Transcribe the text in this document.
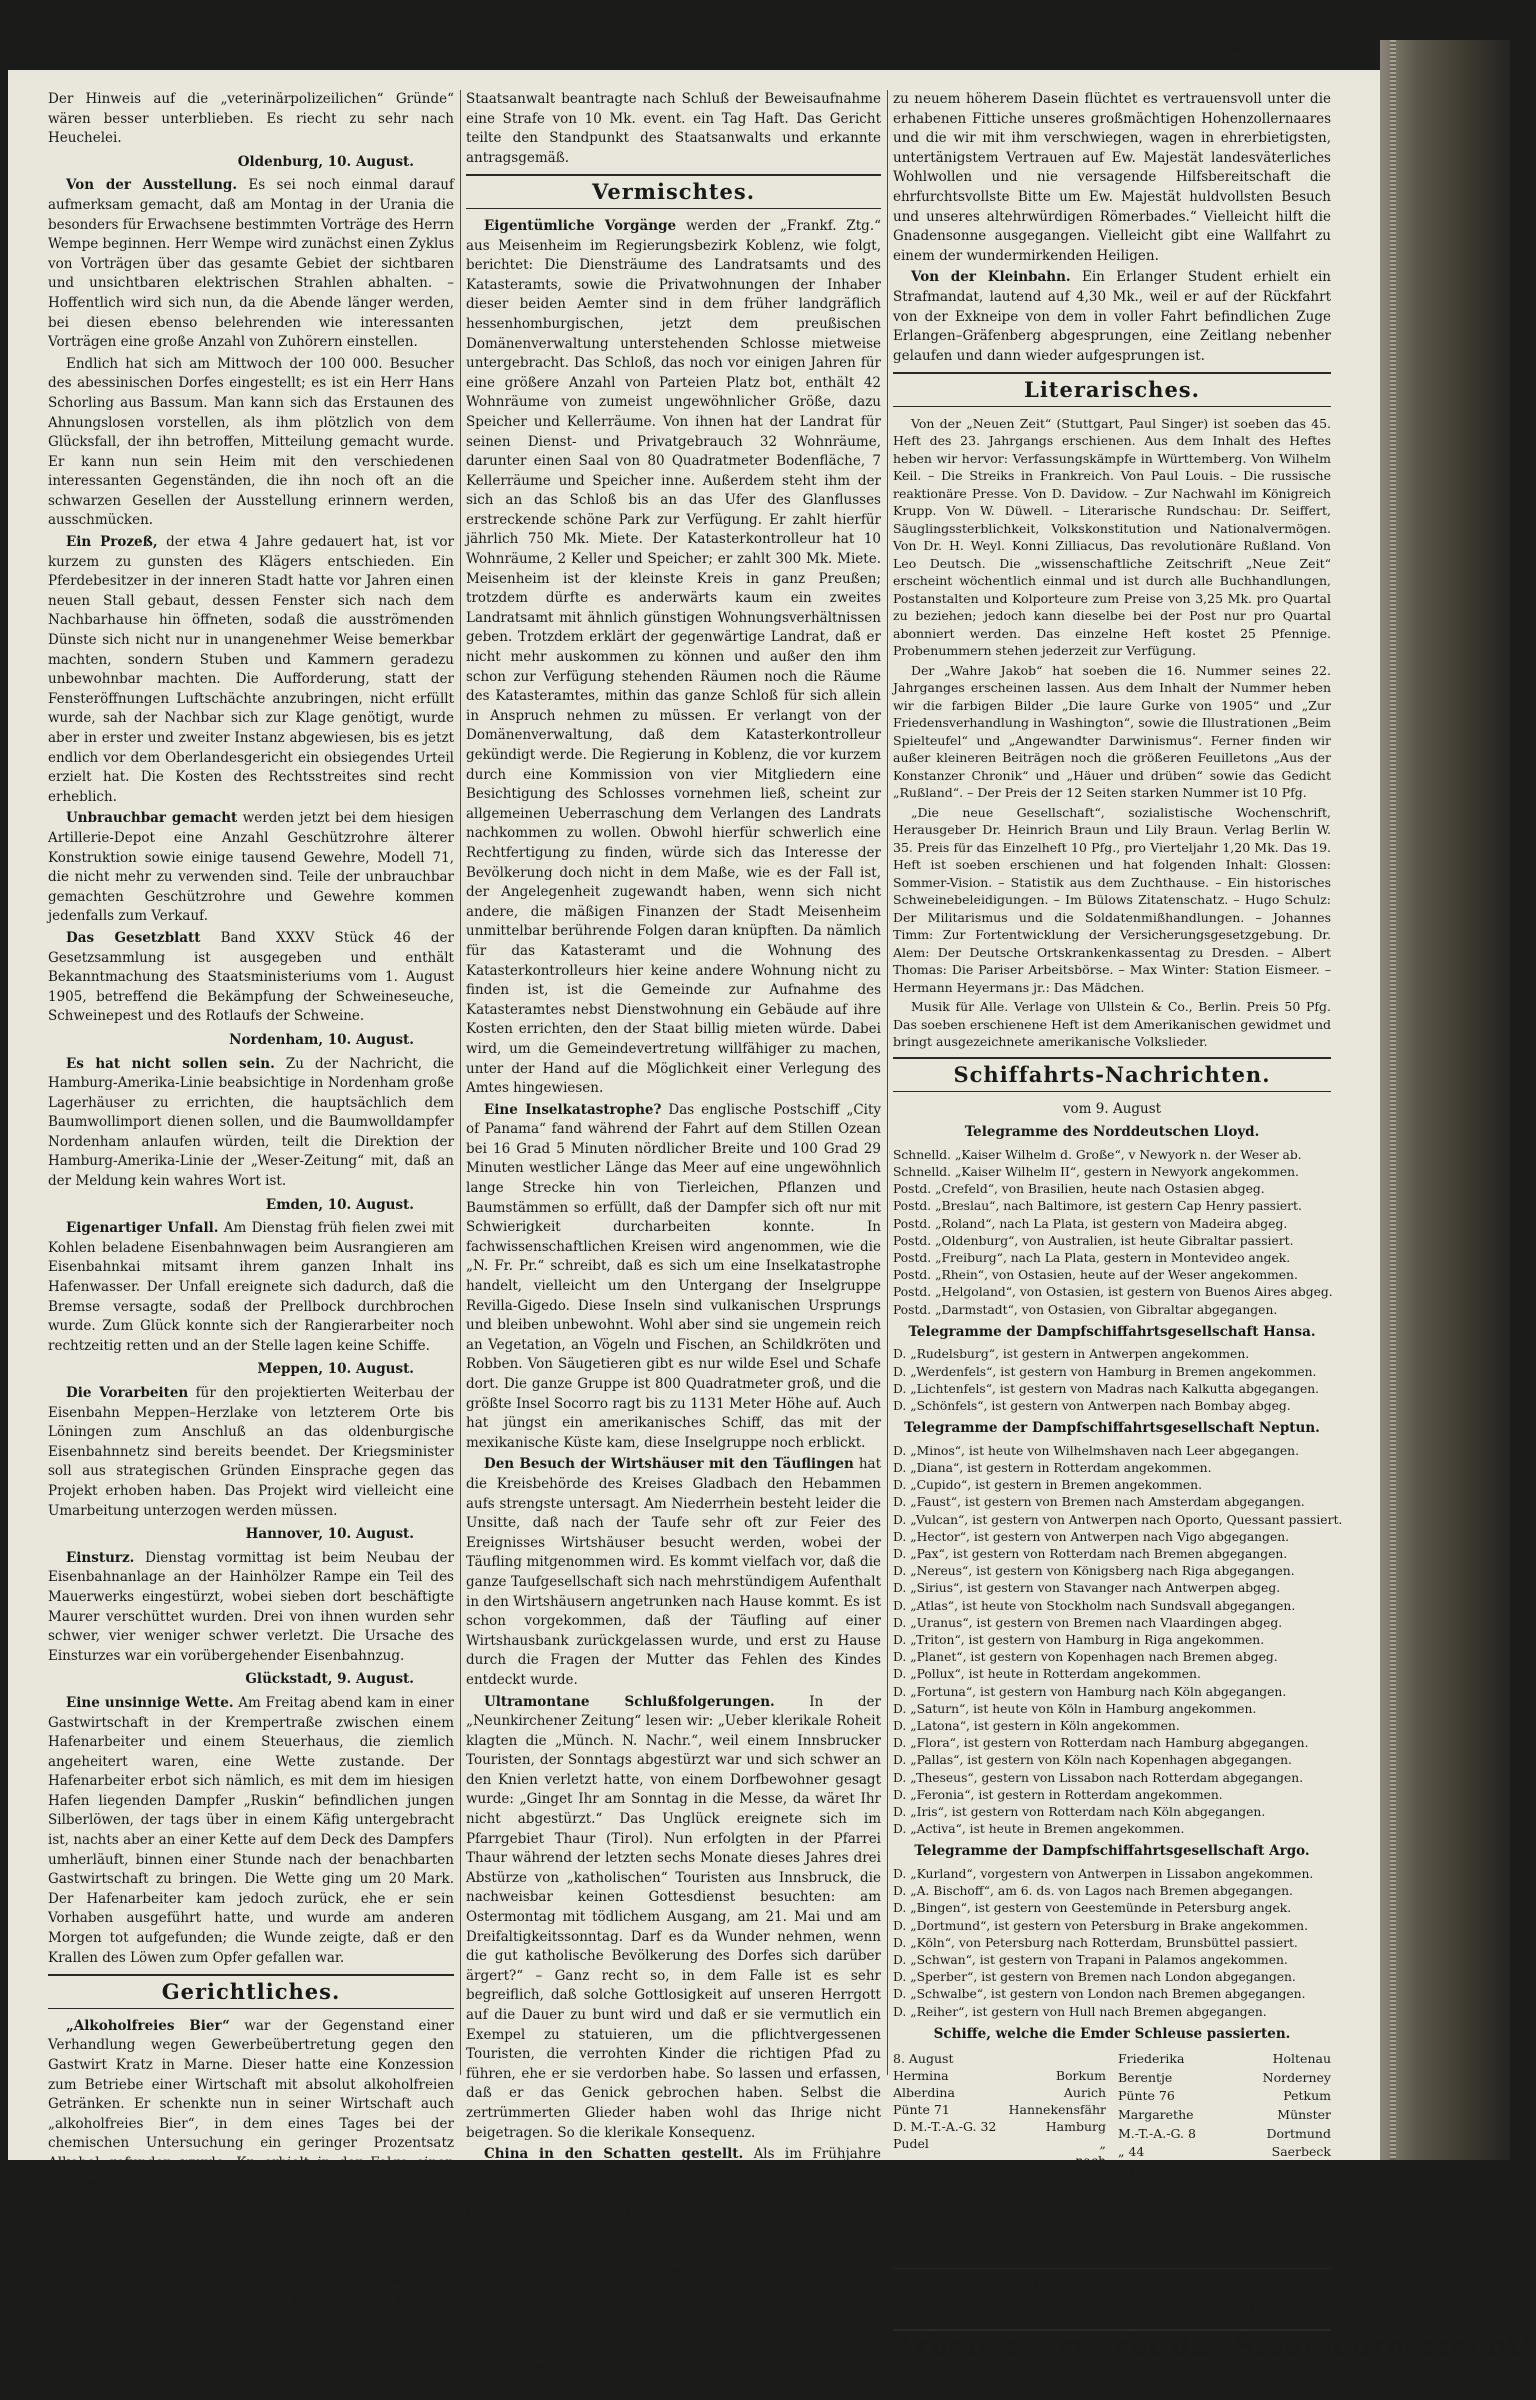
325

Der Hinweis auf die „veterinärpolizeilichen“ Gründe“ wären besser unterblieben. Es riecht zu sehr nach Heuchelei.

Oldenburg, 10. August.

Von der Ausstellung. Es sei noch einmal darauf aufmerksam gemacht, daß am Montag in der Urania die besonders für Erwachsene bestimmten Vorträge des Herrn Wempe beginnen. Herr Wempe wird zunächst einen Zyklus von Vorträgen über das gesamte Gebiet der sichtbaren und unsichtbaren elektrischen Strahlen abhalten. – Hoffentlich wird sich nun, da die Abende länger werden, bei diesen ebenso belehrenden wie interessanten Vorträgen eine große Anzahl von Zuhörern einstellen.

Endlich hat sich am Mittwoch der 100 000. Besucher des abessinischen Dorfes eingestellt; es ist ein Herr Hans Schorling aus Bassum. Man kann sich das Erstaunen des Ahnungslosen vorstellen, als ihm plötzlich von dem Glücksfall, der ihn betroffen, Mitteilung gemacht wurde. Er kann nun sein Heim mit den verschiedenen interessanten Gegenständen, die ihn noch oft an die schwarzen Gesellen der Ausstellung erinnern werden, ausschmücken.

Ein Prozeß, der etwa 4 Jahre gedauert hat, ist vor kurzem zu gunsten des Klägers entschieden. Ein Pferdebesitzer in der inneren Stadt hatte vor Jahren einen neuen Stall gebaut, dessen Fenster sich nach dem Nachbarhause hin öffneten, sodaß die ausströmenden Dünste sich nicht nur in unangenehmer Weise bemerkbar machten, sondern Stuben und Kammern geradezu unbewohnbar machten. Die Aufforderung, statt der Fensteröffnungen Luftschächte anzubringen, nicht erfüllt wurde, sah der Nachbar sich zur Klage genötigt, wurde aber in erster und zweiter Instanz abgewiesen, bis es jetzt endlich vor dem Oberlandesgericht ein obsiegendes Urteil erzielt hat. Die Kosten des Rechtsstreites sind recht erheblich.

Unbrauchbar gemacht werden jetzt bei dem hiesigen Artillerie-Depot eine Anzahl Geschützrohre älterer Konstruktion sowie einige tausend Gewehre, Modell 71, die nicht mehr zu verwenden sind. Teile der unbrauchbar gemachten Geschützrohre und Gewehre kommen jedenfalls zum Verkauf.

Das Gesetzblatt Band XXXV Stück 46 der Gesetzsammlung ist ausgegeben und enthält Bekanntmachung des Staatsministeriums vom 1. August 1905, betreffend die Bekämpfung der Schweineseuche, Schweinepest und des Rotlaufs der Schweine.

Nordenham, 10. August.

Es hat nicht sollen sein. Zu der Nachricht, die Hamburg-Amerika-Linie beabsichtige in Nordenham große Lagerhäuser zu errichten, die hauptsächlich dem Baumwollimport dienen sollen, und die Baumwolldampfer Nordenham anlaufen würden, teilt die Direktion der Hamburg-Amerika-Linie der „Weser-Zeitung“ mit, daß an der Meldung kein wahres Wort ist.

Emden, 10. August.

Eigenartiger Unfall. Am Dienstag früh fielen zwei mit Kohlen beladene Eisenbahnwagen beim Ausrangieren am Eisenbahnkai mitsamt ihrem ganzen Inhalt ins Hafenwasser. Der Unfall ereignete sich dadurch, daß die Bremse versagte, sodaß der Prellbock durchbrochen wurde. Zum Glück konnte sich der Rangierarbeiter noch rechtzeitig retten und an der Stelle lagen keine Schiffe.

Meppen, 10. August.

Die Vorarbeiten für den projektierten Weiterbau der Eisenbahn Meppen–Herzlake von letzterem Orte bis Löningen zum Anschluß an das oldenburgische Eisenbahnnetz sind bereits beendet. Der Kriegsminister soll aus strategischen Gründen Einsprache gegen das Projekt erhoben haben. Das Projekt wird vielleicht eine Umarbeitung unterzogen werden müssen.

Hannover, 10. August.

Einsturz. Dienstag vormittag ist beim Neubau der Eisenbahnanlage an der Hainhölzer Rampe ein Teil des Mauerwerks eingestürzt, wobei sieben dort beschäftigte Maurer verschüttet wurden. Drei von ihnen wurden sehr schwer, vier weniger schwer verletzt. Die Ursache des Einsturzes war ein vorübergehender Eisenbahnzug.

Glückstadt, 9. August.

Eine unsinnige Wette. Am Freitag abend kam in einer Gastwirtschaft in der Krempertraße zwischen einem Hafenarbeiter und einem Steuerhaus, die ziemlich angeheitert waren, eine Wette zustande. Der Hafenarbeiter erbot sich nämlich, es mit dem im hiesigen Hafen liegenden Dampfer „Ruskin“ befindlichen jungen Silberlöwen, der tags über in einem Käfig untergebracht ist, nachts aber an einer Kette auf dem Deck des Dampfers umherläuft, binnen einer Stunde nach der benachbarten Gastwirtschaft zu bringen. Die Wette ging um 20 Mark. Der Hafenarbeiter kam jedoch zurück, ehe er sein Vorhaben ausgeführt hatte, und wurde am anderen Morgen tot aufgefunden; die Wunde zeigte, daß er den Krallen des Löwen zum Opfer gefallen war.

Gerichtliches.

„Alkoholfreies Bier“ war der Gegenstand einer Verhandlung wegen Gewerbeübertretung gegen den Gastwirt Kratz in Marne. Dieser hatte eine Konzession zum Betriebe einer Wirtschaft mit absolut alkoholfreien Getränken. Er schenkte nun in seiner Wirtschaft auch „alkoholfreies Bier“, in dem eines Tages bei der chemischen Untersuchung ein geringer Prozentsatz Alkohol gefunden wurde. Kr. erhielt in der Folge einen Strafbefehl in Höhe von 30 Mk. eventuell sechs Tage Freiheitsstrafe. Er berief sich auf die Entscheidung des Amtsgerichts, das ihm die Erlaubnis erteilt habe, nur alkoholfreie Getränke auszuschenken. Hiergegen legte der Amtsanwalt Berufung ein. Er behauptete, der Angeklagte müsse gewußt haben, daß das Bier alkoholhaltig war. Dies bestreitet aber der Angeklagte. Er habe das Bier als alkoholfreies bezogen, und auch in den Guttempler-Zeitungen werde täglich „alkoholfreies Bier“ angezeigt.

Staatsanwalt beantragte nach Schluß der Beweisaufnahme eine Strafe von 10 Mk. event. ein Tag Haft. Das Gericht teilte den Standpunkt des Staatsanwalts und erkannte antragsgemäß.

Vermischtes.

Eigentümliche Vorgänge werden der „Frankf. Ztg.“ aus Meisenheim im Regierungsbezirk Koblenz, wie folgt, berichtet: Die Diensträume des Landratsamts und des Katasteramts, sowie die Privatwohnungen der Inhaber dieser beiden Aemter sind in dem früher landgräflich hessenhomburgischen, jetzt dem preußischen Domänenverwaltung unterstehenden Schlosse mietweise untergebracht. Das Schloß, das noch vor einigen Jahren für eine größere Anzahl von Parteien Platz bot, enthält 42 Wohnräume von zumeist ungewöhnlicher Größe, dazu Speicher und Kellerräume. Von ihnen hat der Landrat für seinen Dienst- und Privatgebrauch 32 Wohnräume, darunter einen Saal von 80 Quadratmeter Bodenfläche, 7 Kellerräume und Speicher inne. Außerdem steht ihm der sich an das Schloß bis an das Ufer des Glanflusses erstreckende schöne Park zur Verfügung. Er zahlt hierfür jährlich 750 Mk. Miete. Der Katasterkontrolleur hat 10 Wohnräume, 2 Keller und Speicher; er zahlt 300 Mk. Miete. Meisenheim ist der kleinste Kreis in ganz Preußen; trotzdem dürfte es anderwärts kaum ein zweites Landratsamt mit ähnlich günstigen Wohnungsverhältnissen geben. Trotzdem erklärt der gegenwärtige Landrat, daß er nicht mehr auskommen zu können und außer den ihm schon zur Verfügung stehenden Räumen noch die Räume des Katasteramtes, mithin das ganze Schloß für sich allein in Anspruch nehmen zu müssen. Er verlangt von der Domänenverwaltung, daß dem Katasterkontrolleur gekündigt werde. Die Regierung in Koblenz, die vor kurzem durch eine Kommission von vier Mitgliedern eine Besichtigung des Schlosses vornehmen ließ, scheint zur allgemeinen Ueberraschung dem Verlangen des Landrats nachkommen zu wollen. Obwohl hierfür schwerlich eine Rechtfertigung zu finden, würde sich das Interesse der Bevölkerung doch nicht in dem Maße, wie es der Fall ist, der Angelegenheit zugewandt haben, wenn sich nicht andere, die mäßigen Finanzen der Stadt Meisenheim unmittelbar berührende Folgen daran knüpften. Da nämlich für das Katasteramt und die Wohnung des Katasterkontrolleurs hier keine andere Wohnung nicht zu finden ist, ist die Gemeinde zur Aufnahme des Katasteramtes nebst Dienstwohnung ein Gebäude auf ihre Kosten errichten, den der Staat billig mieten würde. Dabei wird, um die Gemeindevertretung willfähiger zu machen, unter der Hand auf die Möglichkeit einer Verlegung des Amtes hingewiesen.

Eine Inselkatastrophe? Das englische Postschiff „City of Panama“ fand während der Fahrt auf dem Stillen Ozean bei 16 Grad 5 Minuten nördlicher Breite und 100 Grad 29 Minuten westlicher Länge das Meer auf eine ungewöhnlich lange Strecke hin von Tierleichen, Pflanzen und Baumstämmen so erfüllt, daß der Dampfer sich oft nur mit Schwierigkeit durcharbeiten konnte. In fachwissenschaftlichen Kreisen wird angenommen, wie die „N. Fr. Pr.“ schreibt, daß es sich um eine Inselkatastrophe handelt, vielleicht um den Untergang der Inselgruppe Revilla-Gigedo. Diese Inseln sind vulkanischen Ursprungs und bleiben unbewohnt. Wohl aber sind sie ungemein reich an Vegetation, an Vögeln und Fischen, an Schildkröten und Robben. Von Säugetieren gibt es nur wilde Esel und Schafe dort. Die ganze Gruppe ist 800 Quadratmeter groß, und die größte Insel Socorro ragt bis zu 1131 Meter Höhe auf. Auch hat jüngst ein amerikanisches Schiff, das mit der mexikanische Küste kam, diese Inselgruppe noch erblickt.

Den Besuch der Wirtshäuser mit den Täuflingen hat die Kreisbehörde des Kreises Gladbach den Hebammen aufs strengste untersagt. Am Niederrhein besteht leider die Unsitte, daß nach der Taufe sehr oft zur Feier des Ereignisses Wirtshäuser besucht werden, wobei der Täufling mitgenommen wird. Es kommt vielfach vor, daß die ganze Taufgesellschaft sich nach mehrstündigem Aufenthalt in den Wirtshäusern angetrunken nach Hause kommt. Es ist schon vorgekommen, daß der Täufling auf einer Wirtshausbank zurückgelassen wurde, und erst zu Hause durch die Fragen der Mutter das Fehlen des Kindes entdeckt wurde.

Ultramontane Schlußfolgerungen.	In der „Neunkirchener Zeitung“ lesen wir: „Ueber klerikale Roheit klagten die „Münch. N. Nachr.“, weil einem Innsbrucker Touristen, der Sonntags abgestürzt war und sich schwer an den Knien verletzt hatte, von einem Dorfbewohner gesagt wurde: „Ginget Ihr am Sonntag in die Messe, da wäret Ihr nicht abgestürzt.“ Das Unglück ereignete sich im Pfarrgebiet Thaur (Tirol). Nun erfolgten in der Pfarrei Thaur während der letzten sechs Monate dieses Jahres drei Abstürze von „katholischen“ Touristen aus Innsbruck, die nachweisbar keinen Gottesdienst besuchten: am Ostermontag mit tödlichem Ausgang, am 21. Mai und am Dreifaltigkeitssonntag. Darf es da Wunder nehmen, wenn die gut katholische Bevölkerung des Dorfes sich darüber ärgert?“ – Ganz recht so, in dem Falle ist es sehr begreiflich, daß solche Gottlosigkeit auf unseren Herrgott auf die Dauer zu bunt wird und daß er sie vermutlich ein Exempel zu statuieren, um die pflichtvergessenen Touristen, die verrohten Kinder die richtigen Pfad zu führen, ehe er sie verdorben habe. So lassen und erfassen, daß er das Genick gebrochen haben. Selbst die zertrümmerten Glieder haben wohl das Ihrige nicht beigetragen. So die klerikale Konsequenz.

China in den Schatten gestellt. Als im Frühjahre bekannt wurde, daß der Kaiser zu den großen militärischen Herbstübungen an den Rhein kommen werde, beschlossen flugs der Gemeinderat und die Bürgerschaft des Bades Bertrich, den Kaiser zu einem Besuche einzuladen. Es wurde dessen halber an den Ostertagen in diesem Sinne an den Kaiser ein umfangreiches Telegramm abgesandt, in dem es u. a. hieß: „Erhabene Majestät“ und einem Hinweise auf die Lage des Bades heißt es darin: „Unsere ehrwürdigen Eifelkrater, die zu Zeiten der sich unter feuerspeienden Wehen der kranken Menschheit sieben degenerierte Wunderkind, bislang noch ein vereinsamtes Aschenbrödel, um Ew. Majestät erlauchten Schutz.

zu neuem höherem Dasein flüchtet es vertrauensvoll unter die erhabenen Fittiche unseres großmächtigen Hohenzollernaares und die wir mit ihm verschwiegen, wagen in ehrerbietigsten, untertänigstem Vertrauen auf Ew. Majestät landesväterliches Wohlwollen und nie versagende Hilfsbereitschaft die ehrfurchtsvollste Bitte um Ew. Majestät huldvollsten Besuch und unseres altehrwürdigen Römerbades.“ Vielleicht hilft die Gnadensonne ausgegangen. Vielleicht gibt eine Wallfahrt zu einem der wundermirkenden Heiligen.

Von der Kleinbahn. Ein Erlanger Student erhielt ein Strafmandat, lautend auf 4,30 Mk., weil er auf der Rückfahrt von der Exkneipe von dem in voller Fahrt befindlichen Zuge Erlangen–Gräfenberg abgesprungen, eine Zeitlang nebenher gelaufen und dann wieder aufgesprungen ist.

Literarisches.

Von der „Neuen Zeit“ (Stuttgart, Paul Singer) ist soeben das 45. Heft des 23. Jahrgangs erschienen. Aus dem Inhalt des Heftes heben wir hervor: Verfassungskämpfe in Württemberg. Von Wilhelm Keil. – Die Streiks in Frankreich. Von Paul Louis. – Die russische reaktionäre Presse. Von D. Davidow. – Zur Nachwahl im Königreich Krupp. Von W. Düwell. – Literarische Rundschau: Dr. Seiffert, Säuglingssterblichkeit, Volkskonstitution und Nationalvermögen. Von Dr. H. Weyl. Konni Zilliacus, Das revolutionäre Rußland. Von Leo Deutsch. Die „wissenschaftliche Zeitschrift „Neue Zeit“ erscheint wöchentlich einmal und ist durch alle Buchhandlungen, Postanstalten und Kolporteure zum Preise von 3,25 Mk. pro Quartal zu beziehen; jedoch kann dieselbe bei der Post nur pro Quartal abonniert werden. Das einzelne Heft kostet 25 Pfennige. Probenummern stehen jederzeit zur Verfügung.

Der „Wahre Jakob“ hat soeben die 16. Nummer seines 22. Jahrganges erscheinen lassen. Aus dem Inhalt der Nummer heben wir die farbigen Bilder „Die laure Gurke von 1905“ und „Zur Friedensverhandlung in Washington“, sowie die Illustrationen „Beim Spielteufel“ und „Angewandter Darwinismus“. Ferner finden wir außer kleineren Beiträgen noch die größeren Feuilletons „Aus der Konstanzer Chronik“ und „Häuer und drüben“ sowie das Gedicht „Rußland“. – Der Preis der 12 Seiten starken Nummer ist 10 Pfg.

„Die neue Gesellschaft“, sozialistische Wochenschrift, Herausgeber Dr. Heinrich Braun und Lily Braun. Verlag Berlin W. 35. Preis für das Einzelheft 10 Pfg., pro Vierteljahr 1,20 Mk. Das 19. Heft ist soeben erschienen und hat folgenden Inhalt: Glossen: Sommer-Vision. – Statistik aus dem Zuchthause. – Ein historisches Schweinebeleidigungen. – Im Bülows Zitatenschatz. – Hugo Schulz: Der Militarismus und die Soldatenmißhandlungen. – Johannes Timm: Zur Fortentwicklung der Versicherungsgesetzgebung. Dr. Alem: Der Deutsche Ortskrankenkassentag zu Dresden. – Albert Thomas: Die Pariser Arbeitsbörse. – Max Winter: Station Eismeer. – Hermann Heyermans jr.: Das Mädchen.

Musik für Alle. Verlage von Ullstein & Co., Berlin. Preis 50 Pfg. Das soeben erschienene Heft ist dem Amerikanischen gewidmet und bringt ausgezeichnete amerikanische Volkslieder.

Schiffahrts-Nachrichten.
vom 9. August
Telegramme des Norddeutschen Lloyd.

Schnelld. „Kaiser Wilhelm d. Große“, v Newyork n. der Weser ab.

Schnelld. „Kaiser Wilhelm II“, gestern in Newyork angekommen.

Postd. „Crefeld“, von Brasilien, heute nach Ostasien abgeg.

Postd. „Breslau“, nach Baltimore, ist gestern Cap Henry passiert.

Postd. „Roland“, nach La Plata, ist gestern von Madeira abgeg.

Postd. „Oldenburg“, von Australien, ist heute Gibraltar passiert.

Postd. „Freiburg“, nach La Plata, gestern in Montevideo angek.

Postd. „Rhein“, von Ostasien, heute auf der Weser angekommen.

Postd. „Helgoland“, von Ostasien, ist gestern von Buenos Aires abgeg.

Postd. „Darmstadt“, von Ostasien, von Gibraltar abgegangen.

Telegramme der Dampfschiffahrtsgesellschaft Hansa.

D. „Rudelsburg“, ist gestern in Antwerpen angekommen.

D. „Werdenfels“, ist gestern von Hamburg in Bremen angekommen.

D. „Lichtenfels“, ist gestern von Madras nach Kalkutta abgegangen.

D. „Schönfels“, ist gestern von Antwerpen nach Bombay abgeg.

Telegramme der Dampfschiffahrtsgesellschaft Neptun.

D. „Minos“, ist heute von Wilhelmshaven nach Leer abgegangen.

D. „Diana“, ist gestern in Rotterdam angekommen.

D. „Cupido“, ist gestern in Bremen angekommen.

D. „Faust“, ist gestern von Bremen nach Amsterdam abgegangen.

D. „Vulcan“, ist gestern von Antwerpen nach Oporto, Quessant passiert.

D. „Hector“, ist gestern von Antwerpen nach Vigo abgegangen.

D. „Pax“, ist gestern von Rotterdam nach Bremen abgegangen.

D. „Nereus“, ist gestern von Königsberg nach Riga abgegangen.

D. „Sirius“, ist gestern von Stavanger nach Antwerpen abgeg.

D. „Atlas“, ist heute von Stockholm nach Sundsvall abgegangen.

D. „Uranus“, ist gestern von Bremen nach Vlaardingen abgeg.

D. „Triton“, ist gestern von Hamburg in Riga angekommen.

D. „Planet“, ist gestern von Kopenhagen nach Bremen abgeg.

D. „Pollux“, ist heute in Rotterdam angekommen.

D. „Fortuna“, ist gestern von Hamburg nach Köln abgegangen.

D. „Saturn“, ist heute von Köln in Hamburg angekommen.

D. „Latona“, ist gestern in Köln angekommen.

D. „Flora“, ist gestern von Rotterdam nach Hamburg abgegangen.

D. „Pallas“, ist gestern von Köln nach Kopenhagen abgegangen.

D. „Theseus“, gestern von Lissabon nach Rotterdam abgegangen.

D. „Feronia“, ist gestern in Rotterdam angekommen.

D. „Iris“, ist gestern von Rotterdam nach Köln abgegangen.

D. „Activa“, ist heute in Bremen angekommen.

Telegramme der Dampfschiffahrtsgesellschaft Argo.

D. „Kurland“, vorgestern von Antwerpen in Lissabon angekommen.

D. „A. Bischoff“, am 6. ds. von Lagos nach Bremen abgegangen.

D. „Bingen“, ist gestern von Geestemünde in Petersburg angek.

D. „Dortmund“, ist gestern von Petersburg in Brake angekommen.

D. „Köln“, von Petersburg nach Rotterdam, Brunsbüttel passiert.

D. „Schwan“, ist gestern von Trapani in Palamos angekommen.

D. „Sperber“, ist gestern von Bremen nach London abgegangen.

D. „Schwalbe“, ist gestern von London nach Bremen abgegangen.

D. „Reiher“, ist gestern von Hull nach Bremen abgegangen.

Schiffe, welche die Emder Schleuse passierten.
8. August
Hermina	Borkum
Alberdina	Aurich
Pünte 71	Hannekensfähr
D. M.-T.-A.-G. 32	Hamburg
Pudel	„
nach
Logger Osnabrück
See
„ Stettin	„
„ Mars	„
„ Jakob	„
Friederika	Holtenau
Berentje	Norderney
Pünte 76	Petkum
Margarethe	Münster
M.-T.-A.-G. 8	Dortmund
„ 44	Saerbeck
„ 18	„
von
Monden 41	Dortmund
D. Vornholm	Burnt Island
D. Urania	Nawik
Hochwasser.

Freitag, 11. August: vormittags 9.29, nachmittags 10.12

Arbeiter, erwerbt das Staatsbürgerrecht!
